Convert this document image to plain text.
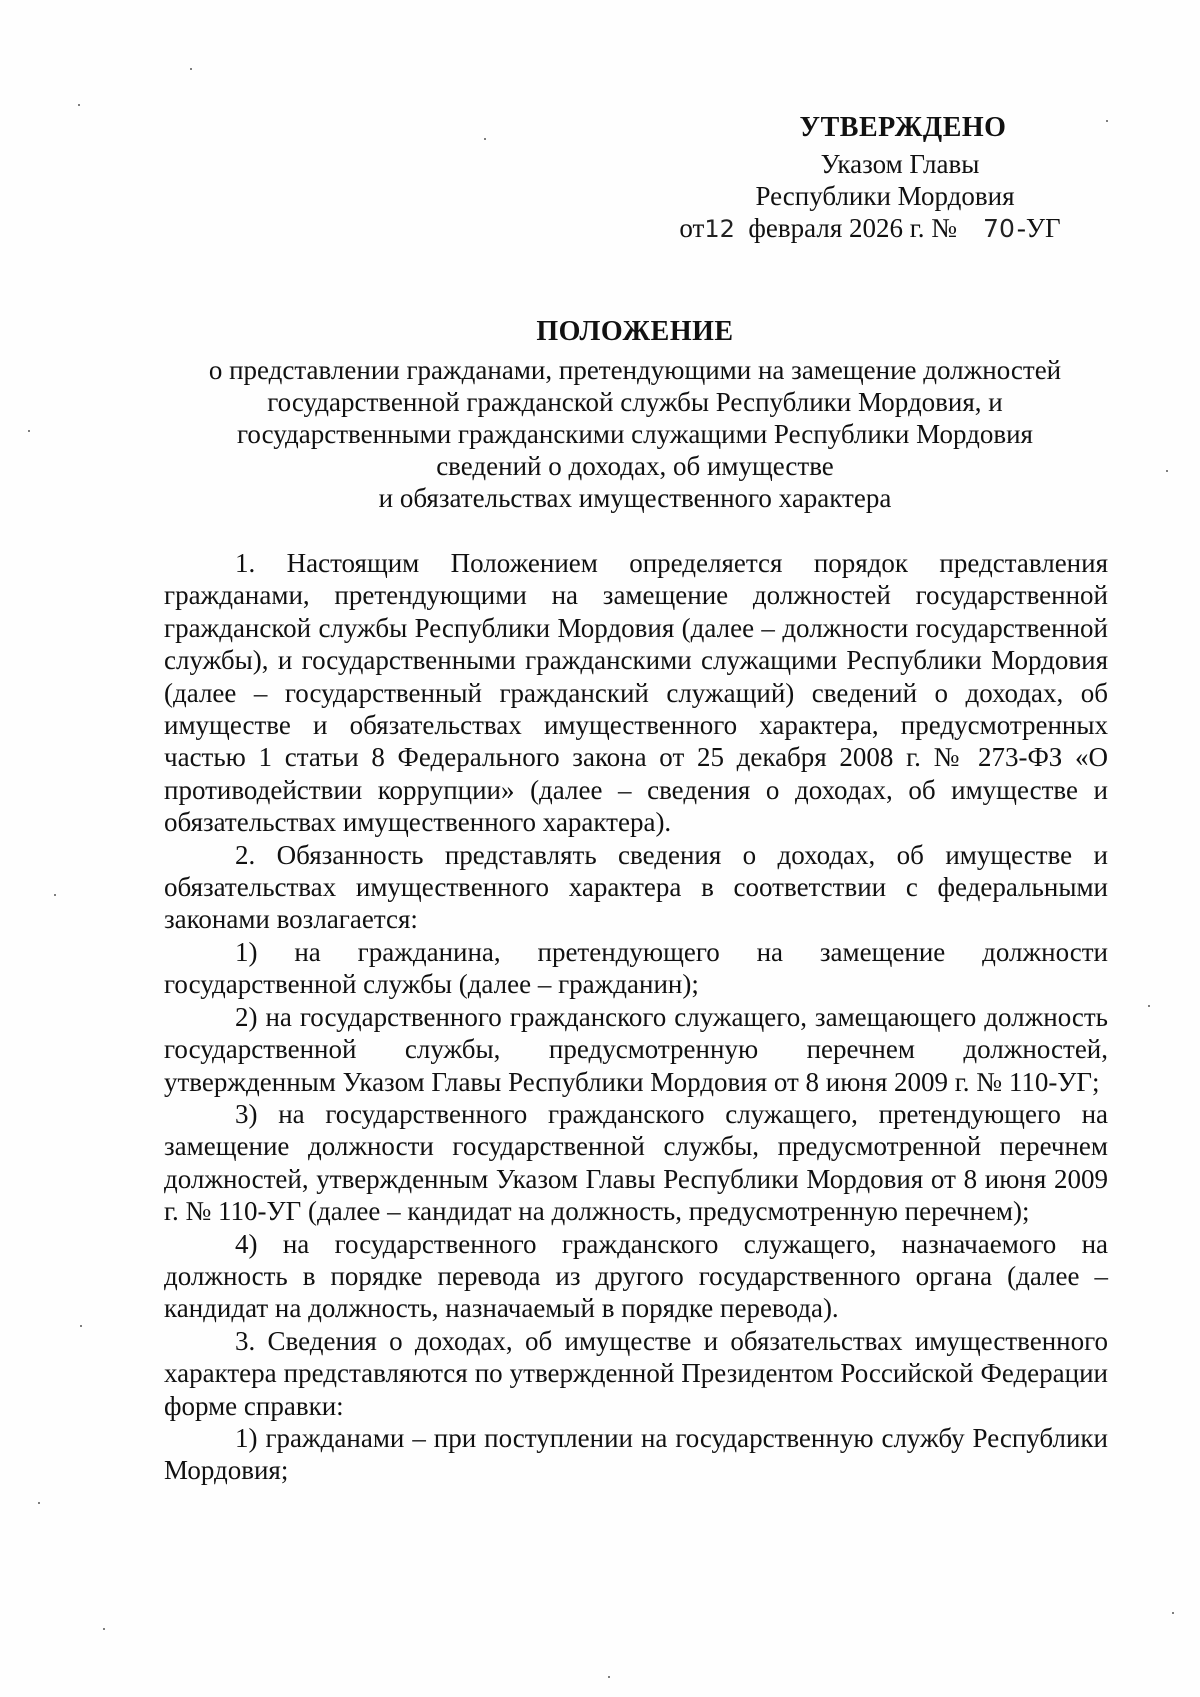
УТВЕРЖДЕНО
Указом Главы
Республики Мордовия
от12 февраля 2026 г. № 70-УГ
ПОЛОЖЕНИЕ
о представлении гражданами, претендующими на замещение должностей
государственной гражданской службы Республики Мордовия, и
государственными гражданскими служащими Республики Мордовия
сведений о доходах, об имуществе
и обязательствах имущественного характера

1. Настоящим Положением определяется порядок представления гражданами, претендующими на замещение должностей государственной гражданской службы Республики Мордовия (далее – должности государственной службы), и государственными гражданскими служащими Республики Мордовия (далее – государственный гражданский служащий) сведений о доходах, об имуществе и обязательствах имущественного характера, предусмотренных частью 1 статьи 8 Федерального закона от 25 декабря 2008 г. № 273-ФЗ «О противодействии коррупции» (далее – сведения о доходах, об имуществе и обязательствах имущественного характера).

2. Обязанность представлять сведения о доходах, об имуществе и обязательствах имущественного характера в соответствии с федеральными законами возлагается:

1) на гражданина, претендующего на замещение должности государственной службы (далее – гражданин);

2) на государственного гражданского служащего, замещающего должность государственной службы, предусмотренную перечнем должностей, утвержденным Указом Главы Республики Мордовия от 8 июня 2009 г. № 110-УГ;

3) на государственного гражданского служащего, претендующего на замещение должности государственной службы, предусмотренной перечнем должностей, утвержденным Указом Главы Республики Мордовия от 8 июня 2009 г. № 110-УГ (далее – кандидат на должность, предусмотренную перечнем);

4) на государственного гражданского служащего, назначаемого на должность в порядке перевода из другого государственного органа (далее – кандидат на должность, назначаемый в порядке перевода).

3. Сведения о доходах, об имуществе и обязательствах имущественного характера представляются по утвержденной Президентом Российской Федерации форме справки:

1) гражданами – при поступлении на государственную службу Республики Мордовия;
